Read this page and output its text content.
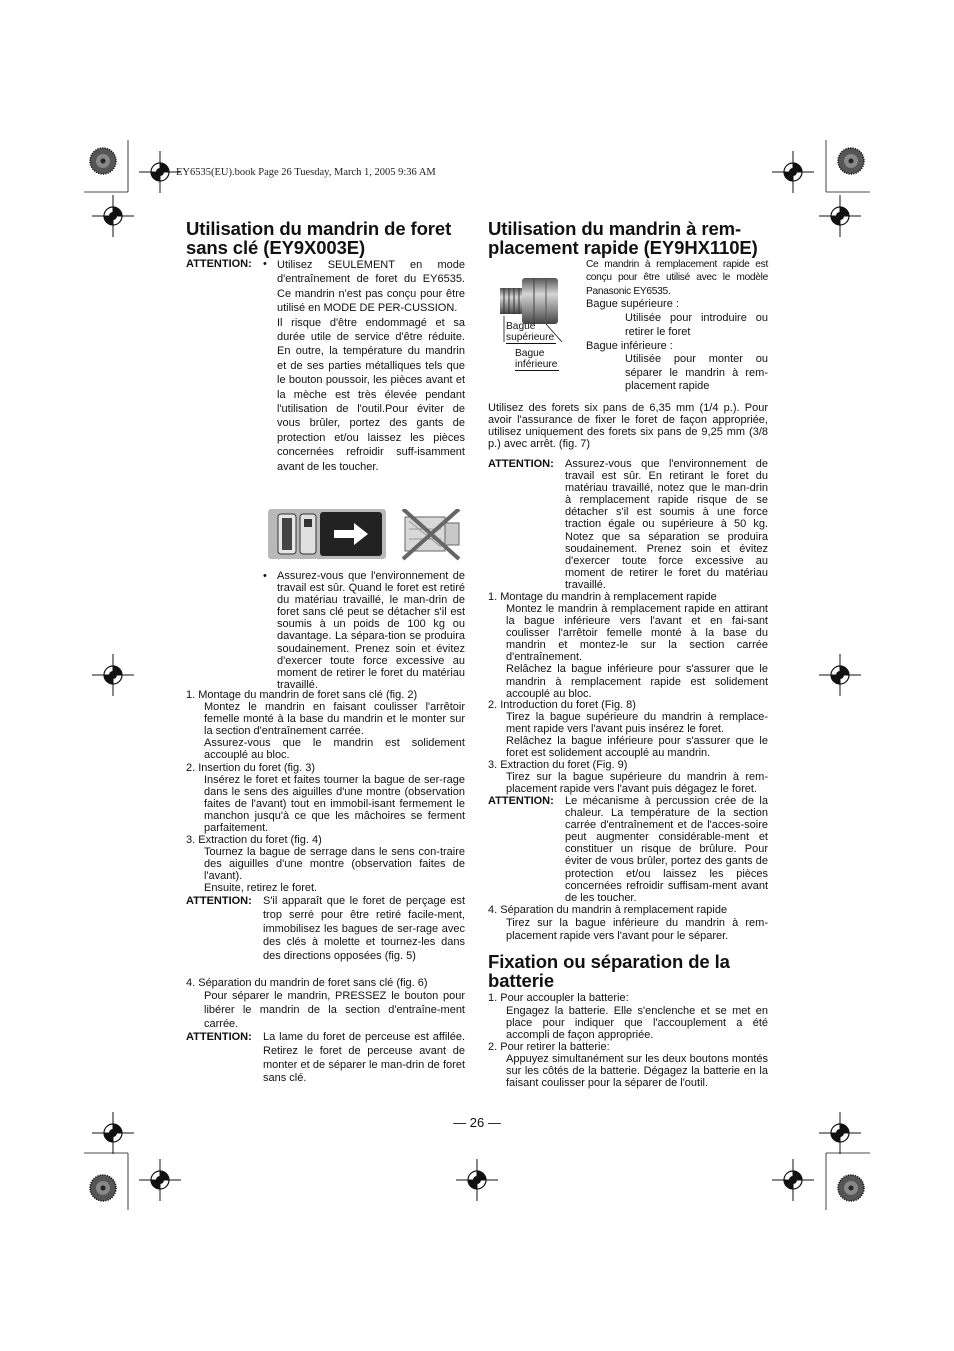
EY6535(EU).book Page 26 Tuesday, March 1, 2005 9:36 AM
Utilisation du mandrin de foret
sans clé (EY9X003E)
ATTENTION: • Utilisez SEULEMENT en mode d'entraînement de foret du EY6535. Ce mandrin n'est pas conçu pour être utilisé en MODE DE PER-CUSSION.

Il risque d'être endommagé et sa durée utile de service d'être réduite. En outre, la température du mandrin et de ses parties métalliques tels que le bouton poussoir, les pièces avant et la mèche est très élevée pendant l'utilisation de l'outil.Pour éviter de vous brûler, portez des gants de protection et/ou laissez les pièces concernées refroidir suff-isamment avant de les toucher.

• Assurez-vous que l'environnement de travail est sûr. Quand le foret est retiré du matériau travaillé, le man-drin de foret sans clé peut se détacher s'il est soumis à un poids de 100 kg ou davantage. La sépara-tion se produira soudainement. Prenez soin et évitez d'exercer toute force excessive au moment de retirer le foret du matériau travaillé.

1. Montage du mandrin de foret sans clé (fig. 2)

Montez le mandrin en faisant coulisser l'arrêtoir femelle monté à la base du mandrin et le monter sur la section d'entraînement carrée.

Assurez-vous que le mandrin est solidement accouplé au bloc.

2. Insertion du foret (fig. 3)

Insérez le foret et faites tourner la bague de ser-rage dans le sens des aiguilles d'une montre (observation faites de l'avant) tout en immobil-isant fermement le manchon jusqu'à ce que les mâchoires se ferment parfaitement.

3. Extraction du foret (fig. 4)

Tournez la bague de serrage dans le sens con-traire des aiguilles d'une montre (observation faites de l'avant).

Ensuite, retirez le foret.

ATTENTION: S'il apparaît que le foret de perçage est trop serré pour être retiré facile-ment, immobilisez les bagues de ser-rage avec des clés à molette et tournez-les dans des directions opposées (fig. 5)

4. Séparation du mandrin de foret sans clé (fig. 6)

Pour séparer le mandrin, PRESSEZ le bouton pour libérer le mandrin de la section d'entraîne-ment carrée.

ATTENTION: La lame du foret de perceuse est affilée. Retirez le foret de perceuse avant de monter et de séparer le man-drin de foret sans clé.

Utilisation du mandrin à rem-
placement rapide (EY9HX110E)
Bague
supérieure
Bague
inférieure

Ce mandrin à remplacement rapide est conçu pour être utilisé avec le modèle Panasonic EY6535.

Bague supérieure :

Utilisée pour introduire ou retirer le foret

Bague inférieure :

Utilisée pour monter ou séparer le mandrin à rem-placement rapide

Utilisez des forets six pans de 6,35 mm (1/4 p.). Pour avoir l'assurance de fixer le foret de façon appropriée, utilisez uniquement des forets six pans de 9,25 mm (3/8 p.) avec arrêt. (fig. 7)

ATTENTION: Assurez-vous que l'environnement de travail est sûr. En retirant le foret du matériau travaillé, notez que le man-drin à remplacement rapide risque de se détacher s'il est soumis à une force traction égale ou supérieure à 50 kg. Notez que sa séparation se produira soudainement. Prenez soin et évitez d'exercer toute force excessive au moment de retirer le foret du matériau travaillé.

1. Montage du mandrin à remplacement rapide

Montez le mandrin à remplacement rapide en attirant la bague inférieure vers l'avant et en fai-sant coulisser l'arrêtoir femelle monté à la base du mandrin et montez-le sur la section carrée d'entraînement.

Relâchez la bague inférieure pour s'assurer que le mandrin à remplacement rapide est solidement accouplé au bloc.

2. Introduction du foret (Fig. 8)

Tirez la bague supérieure du mandrin à remplace-ment rapide vers l'avant puis insérez le foret.

Relâchez la bague inférieure pour s'assurer que le foret est solidement accouplé au mandrin.

3. Extraction du foret (Fig. 9)

Tirez sur la bague supérieure du mandrin à rem-placement rapide vers l'avant puis dégagez le foret.

ATTENTION: Le mécanisme à percussion crée de la chaleur. La température de la section carrée d'entraînement et de l'acces-soire peut augmenter considérable-ment et constituer un risque de brûlure. Pour éviter de vous brûler, portez des gants de protection et/ou laissez les pièces concernées refroidir suffisam-ment avant de les toucher.

4. Séparation du mandrin à remplacement rapide

Tirez sur la bague inférieure du mandrin à rem-placement rapide vers l'avant pour le séparer.

Fixation ou séparation de la
batterie
1. Pour accoupler la batterie:

Engagez la batterie. Elle s'enclenche et se met en place pour indiquer que l'accouplement a été accompli de façon appropriée.

2. Pour retirer la batterie:

Appuyez simultanément sur les deux boutons montés sur les côtés de la batterie. Dégagez la batterie en la faisant coulisser pour la séparer de l'outil.

— 26 —
